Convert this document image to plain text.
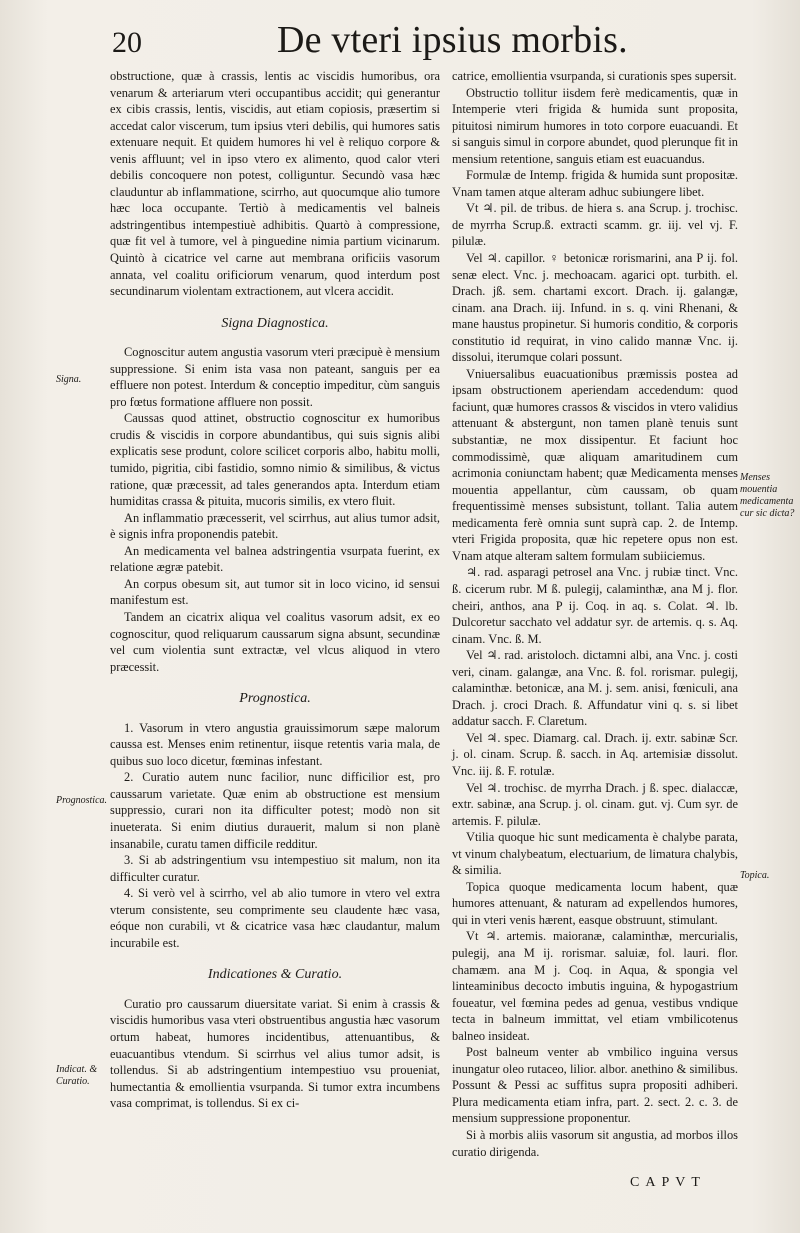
20	De vteri ipsius morbis.

obstructione, quæ à crassis, lentis ac viscidis humoribus, ora venarum & arteriarum vteri occupantibus accidit; qui generantur ex cibis crassis, lentis, viscidis, aut etiam copiosis, præsertim si accedat calor viscerum, tum ipsius vteri debilis, qui humores satis extenuare nequit. Et quidem humores hi vel è reliquo corpore & venis affluunt; vel in ipso vtero ex alimento, quod calor vteri debilis concoquere non potest, colliguntur. Secundò vasa hæc clauduntur ab inflammatione, scirrho, aut quocumque alio tumore hæc loca occupante. Tertiò à medicamentis vel balneis adstringentibus intempestiuè adhibitis. Quartò à compressione, quæ fit vel à tumore, vel à pinguedine nimia partium vicinarum. Quintò à cicatrice vel carne aut membrana orificiis vasorum annata, vel coalitu orificiorum venarum, quod interdum post secundinarum violentam extractionem, aut vlcera accidit.

Signa Diagnostica.

Cognoscitur autem angustia vasorum vteri præcipuè è mensium suppressione. Si enim ista vasa non pateant, sanguis per ea effluere non potest. Interdum & conceptio impeditur, cùm sanguis pro fœtus formatione affluere non possit.

Caussas quod attinet, obstructio cognoscitur ex humoribus crudis & viscidis in corpore abundantibus, qui suis signis alibi explicatis sese produnt, colore scilicet corporis albo, habitu molli, tumido, pigritia, cibi fastidio, somno nimio & similibus, & victus ratione, quæ præcessit, ad tales generandos apta. Interdum etiam humiditas crassa & pituita, mucoris similis, ex vtero fluit.

An inflammatio præcesserit, vel scirrhus, aut alius tumor adsit, è signis infra proponendis patebit.

An medicamenta vel balnea adstringentia vsurpata fuerint, ex relatione ægræ patebit.

An corpus obesum sit, aut tumor sit in loco vicino, id sensui manifestum est.

Tandem an cicatrix aliqua vel coalitus vasorum adsit, ex eo cognoscitur, quod reliquarum caussarum signa absunt, secundinæ vel cum violentia sunt extractæ, vel vlcus aliquod in vtero præcessit.

Prognostica.

1. Vasorum in vtero angustia grauissimorum sæpe malorum caussa est. Menses enim retinentur, iisque retentis varia mala, de quibus suo loco dicetur, fœminas infestant.

2. Curatio autem nunc facilior, nunc difficilior est, pro caussarum varietate. Quæ enim ab obstructione est mensium suppressio, curari non ita difficulter potest; modò non sit inueterata. Si enim diutius durauerit, malum si non planè insanabile, curatu tamen difficile redditur.

3. Si ab adstringentium vsu intempestiuo sit malum, non ita difficulter curatur.

4. Si verò vel à scirrho, vel ab alio tumore in vtero vel extra vterum consistente, seu comprimente seu claudente hæc vasa, eóque non curabili, vt & cicatrice vasa hæc claudantur, malum incurabile est.

Indicationes & Curatio.

Curatio pro caussarum diuersitate variat. Si enim à crassis & viscidis humoribus vasa vteri obstruentibus angustia hæc vasorum ortum habeat, humores incidentibus, attenuantibus, & euacuantibus vtendum. Si scirrhus vel alius tumor adsit, is tollendus. Si ab adstringentium intempestiuo vsu proueniat, humectantia & emollientia vsurpanda. Si tumor extra incumbens vasa comprimat, is tollendus. Si ex ci-

catrice, emollientia vsurpanda, si curationis spes supersit.

Obstructio tollitur iisdem ferè medicamentis, quæ in Intemperie vteri frigida & humida sunt proposita, pituitosi nimirum humores in toto corpore euacuandi. Et si sanguis simul in corpore abundet, quod plerunque fit in mensium retentione, sanguis etiam est euacuandus.

Formulæ de Intemp. frigida & humida sunt propositæ. Vnam tamen atque alteram adhuc subiungere libet.

Vt ♃. pil. de tribus. de hiera s. ana Scrup. j. trochisc. de myrrha Scrup.ß. extracti scamm. gr. iij. vel vj. F. pilulæ.

Vel ♃. capillor. ♀ betonicæ rorismarini, ana P ij. fol. senæ elect. Vnc. j. mechoacam. agarici opt. turbith. el. Drach. jß. sem. chartami excort. Drach. ij. galangæ, cinam. ana Drach. iij. Infund. in s. q. vini Rhenani, & mane haustus propinetur. Si humoris conditio, & corporis constitutio id requirat, in vino calido mannæ Vnc. ij. dissolui, iterumque colari possunt.

Vniuersalibus euacuationibus præmissis postea ad ipsam obstructionem aperiendam accedendum: quod faciunt, quæ humores crassos & viscidos in vtero validius attenuant & abstergunt, non tamen planè tenuis sunt substantiæ, ne mox dissipentur. Et faciunt hoc commodissimè, quæ aliquam amaritudinem cum acrimonia coniunctam habent; quæ Medicamenta menses mouentia appellantur, cùm caussam, ob quam frequentissimè menses subsistunt, tollant. Talia autem medicamenta ferè omnia sunt suprà cap. 2. de Intemp. vteri Frigida proposita, quæ hic repetere opus non est. Vnam atque alteram saltem formulam subiiciemus.

♃. rad. asparagi petrosel ana Vnc. j rubiæ tinct. Vnc. ß. cicerum rubr. M ß. pulegij, calaminthæ, ana M j. flor. cheiri, anthos, ana P ij. Coq. in aq. s. Colat. ♃. lb. Dulcoretur sacchato vel addatur syr. de artemis. q. s. Aq. cinam. Vnc. ß. M.

Vel ♃. rad. aristoloch. dictamni albi, ana Vnc. j. costi veri, cinam. galangæ, ana Vnc. ß. fol. rorismar. pulegij, calaminthæ. betonicæ, ana M. j. sem. anisi, fœniculi, ana Drach. j. croci Drach. ß. Affundatur vini q. s. si libet addatur sacch. F. Claretum.

Vel ♃. spec. Diamarg. cal. Drach. ij. extr. sabinæ Scr. j. ol. cinam. Scrup. ß. sacch. in Aq. artemisiæ dissolut. Vnc. iij. ß. F. rotulæ.

Vel ♃. trochisc. de myrrha Drach. j ß. spec. dialaccæ, extr. sabinæ, ana Scrup. j. ol. cinam. gut. vj. Cum syr. de artemis. F. pilulæ.

Vtilia quoque hic sunt medicamenta è chalybe parata, vt vinum chalybeatum, electuarium, de limatura chalybis, & similia.

Topica quoque medicamenta locum habent, quæ humores attenuant, & naturam ad expellendos humores, qui in vteri venis hærent, easque obstruunt, stimulant.

Vt ♃. artemis. maioranæ, calaminthæ, mercurialis, pulegij, ana M ij. rorismar. saluiæ, fol. lauri. flor. chamæm. ana M j. Coq. in Aqua, & spongia vel linteaminibus decocto imbutis inguina, & hypogastrium foueatur, vel fœmina pedes ad genua, vestibus vndique tecta in balneum immittat, vel etiam vmbilicotenus balneo insideat.

Post balneum venter ab vmbilico inguina versus inungatur oleo rutaceo, lilior. albor. anethino & similibus. Possunt & Pessi ac suffitus supra propositi adhiberi. Plura medicamenta etiam infra, part. 2. sect. 2. c. 3. de mensium suppressione proponentur.

Si à morbis aliis vasorum sit angustia, ad morbos illos curatio dirigenda.

Signa.
Prognostica.
Indicat. & Curatio.
Menses mouentia medicamenta cur sic dicta?
Topica.
CAPVT
